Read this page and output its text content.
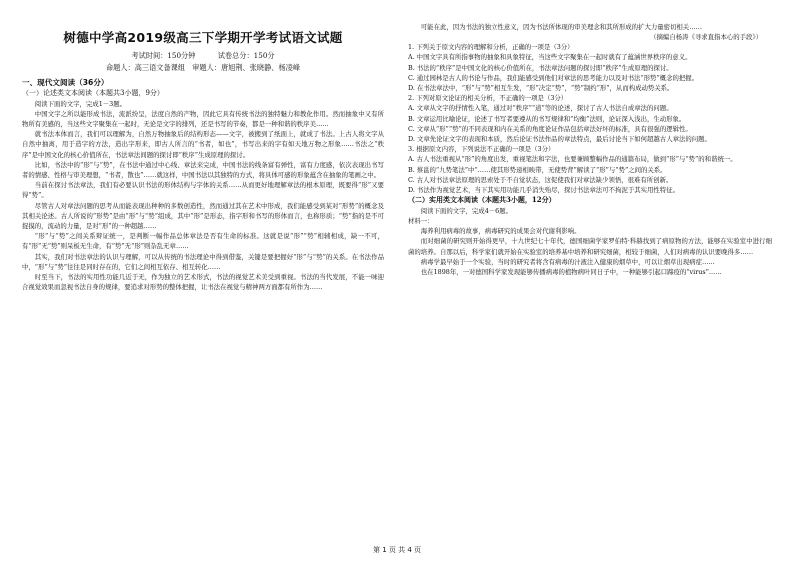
树德中学高2019级高三下学期开学考试语文试题
考试时间：150分钟	试卷总分：150分
命题人：高三语文备课组　审题人：唐旭荆、张晓静、杨凌峰
一、现代文阅读（36分）
（一）论述类文本阅读（本题共3小题，9分）

阅读下面的文字，完成1－3题。

中国文字之所以能形成书法，流派纷呈，法度自然的产物，因此它具有传统书法的独特魅力和教化作用。然而抽象中又有所物所有美感的，当这些文字聚集在一起时，无论是文字的排列，还是书写的节奏，都是一种和谐的秩序美……

就书法本体而言，我们可以理解为，自然万物抽象后的结构形态——文字，被搬到了纸面上，就成了书法。上古人将文字从自然中抽离，用于造字的方法，造出字形来，即古人所言的“书者，如也”，书写出来的字有如天地万物之形象……书法之“秩序”是中国文化的核心价值所在，书法章法间题的探讨即“秩序”生成原理的探讨。

比如，书法中的“形”与“势”，在书法中通过中心线、章法来完成，中国书法的线条富有弹性，富有力度感，依次表现出书写者的情感、性格与审美理想，“书者，散也”……就这样，中国书法以其独特的方式，将具体可感的形象蕴含在抽象的笔画之中。

当前在探讨书法章法，我们有必要认识书法的形体结构与字体的关系……从而更好地理解章法的根本原理，既要得“形”又要得“势”。

尽管古人对章法问题的思考从而能表现出种种的多数创造性，然而通过其在艺术中形成，我们能感受到某对“形势”的概念及其相关论述。古人所说的“形势”是由“形”与“势”组成，其中“形”是形态，指字形和书写的形体而言，也称形质；“势”指的是不可捉摸的，流动的力量，是对“形”的一种超越……

“形”与“势”之间关系辩证统一，是判断一幅作品总体章法是否有生命的标准。这就是说“形”“势”相辅相成，缺一不可，有“形”无“势”则呆板无生命，有“势”无“形”则杂乱无章……

其实，我们对书法章法的认识与理解，可以从传统的书法理论中得到借鉴，关键是要把握好“形”与“势”的关系。在书法作品中，“形”与“势”往往是同时存在的，它们之间相互依存、相互转化……

时至当下，书法的实用性功能几近于无，作为独立的艺术形式，书法的视觉艺术美受到重视。书法的当代发展，不能一味迎合视觉效果而忽视书法自身的规律，要追求对形势的整体把握，让书法在视觉与精神两方面都有所作为……

可能在此，因为书法的独立性意义，因为书法所体现的审美理念和其所形成的扩大力量密切相关……

（摘编自杨涛《寻求直指本心的手段》）

1. 下列关于原文内容的理解和分析，正确的一项是（3分）

A. 中国文字具有所指事物的抽象和具象特征，当这些文字聚集在一起时就有了蕴涵世界秩序的意义。

B. 书法的“秩序”是中国文化的核心价值所在，书法章法问题的探讨即“秩序”生成原理的探讨。

C. 通过园林是古人的书论与作品，我们能感受到他们对章法的思考能力以及对书法“形势”概念的把握。

D. 在书法章法中，“形”与“势”相互生发，“形”决定“势”，“势”制约“形”，从而构成动势关系。

2. 下列对原文论证的相关分析，不正确的一项是（3分）

A. 文章从文字的抒情性入笔，通过对“秩序”“道”等的论述，探讨了古人书法自成章法的问题。

B. 文章运用比喻论证，论述了书写者要遵从的书写规律和“均衡”法则，论证深入浅出，生动形象。

C. 文章从“形”“势”的不同表现和内在关系的角度论证作品包括章法好坏的标准，具有很强的逻辑性。

D. 文章先论证文字的表现和本质，然后论证书法作品的章法特点，最后讨论当下如何超越古人章法的问题。

3. 根据原文内容，下列说法不正确的一项是（3分）

A. 古人书法重视从“形”的角度出发，重视笔法和字法，也要兼顾整幅作品的通篇布局，做到“形”与“势”的和谐统一。

B. 蔡邕的“九势笔法”中“……使其形势递相映带，无使势背”解读了“形”与“势”之间的关系。

C. 古人对书法章法原理的思索处于不自觉状态，这促使我们对章法缺少领悟，很难有所创新。

D. 书法作为视觉艺术，当下其实用功能几乎消失殆尽，探讨书法章法可不拘泥于其实用性特征。

（二）实用类文本阅读（本题共3小题，12分）

阅读下面的文字，完成4－6题。

材料一：

海养利用病毒的故事，病毒研究的成果会对代谢利影响。

而对细菌的研究则开始得更早，十九世纪七十年代，德国细菌学家罗伯特·科赫找到了病原物的方法，能够在实验室中进行细菌的培养。自那以后，科学家们就开始在实验室的培养基中培养和研究细菌，相较于细菌，人们对病毒的认识要晚得多……

病毒学最早始于一个实验，当时的研究者将含有病毒的汁液注入健康的烟草中，可以让烟草出现病症……

也在1898年，一对德国科学家发现能够传播病毒的植物病叶同日子中，一种能够引起口蹄疫的“virus”……

第 1 页 共 4 页
